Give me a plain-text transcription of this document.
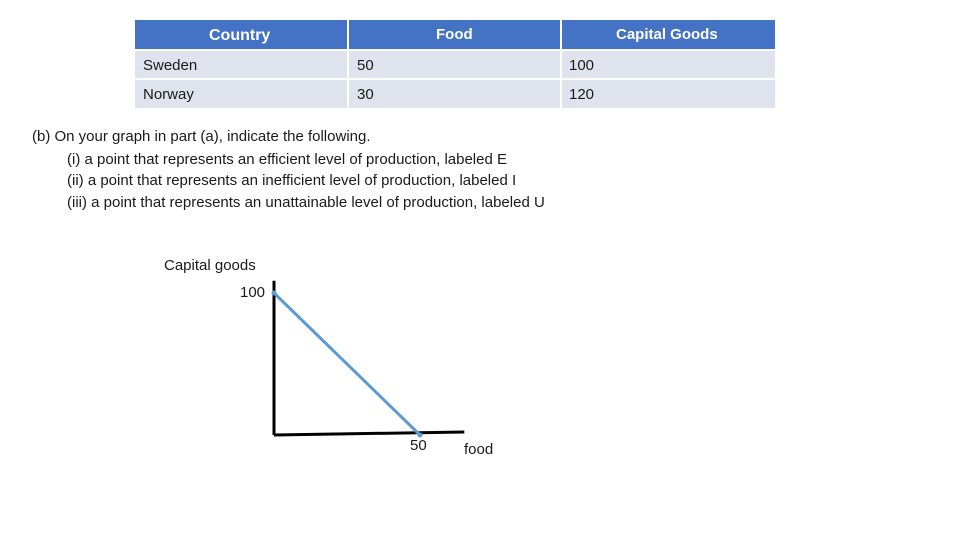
Country	Food	Capital Goods
Sweden	50	100
Norway	30	120
(b) On your graph in part (a), indicate the following.
(i) a point that represents an efficient level of production, labeled E
(ii) a point that represents an inefficient level of production, labeled I
(iii) a point that represents an unattainable level of production, labeled U
Capital goods
100
50 food
